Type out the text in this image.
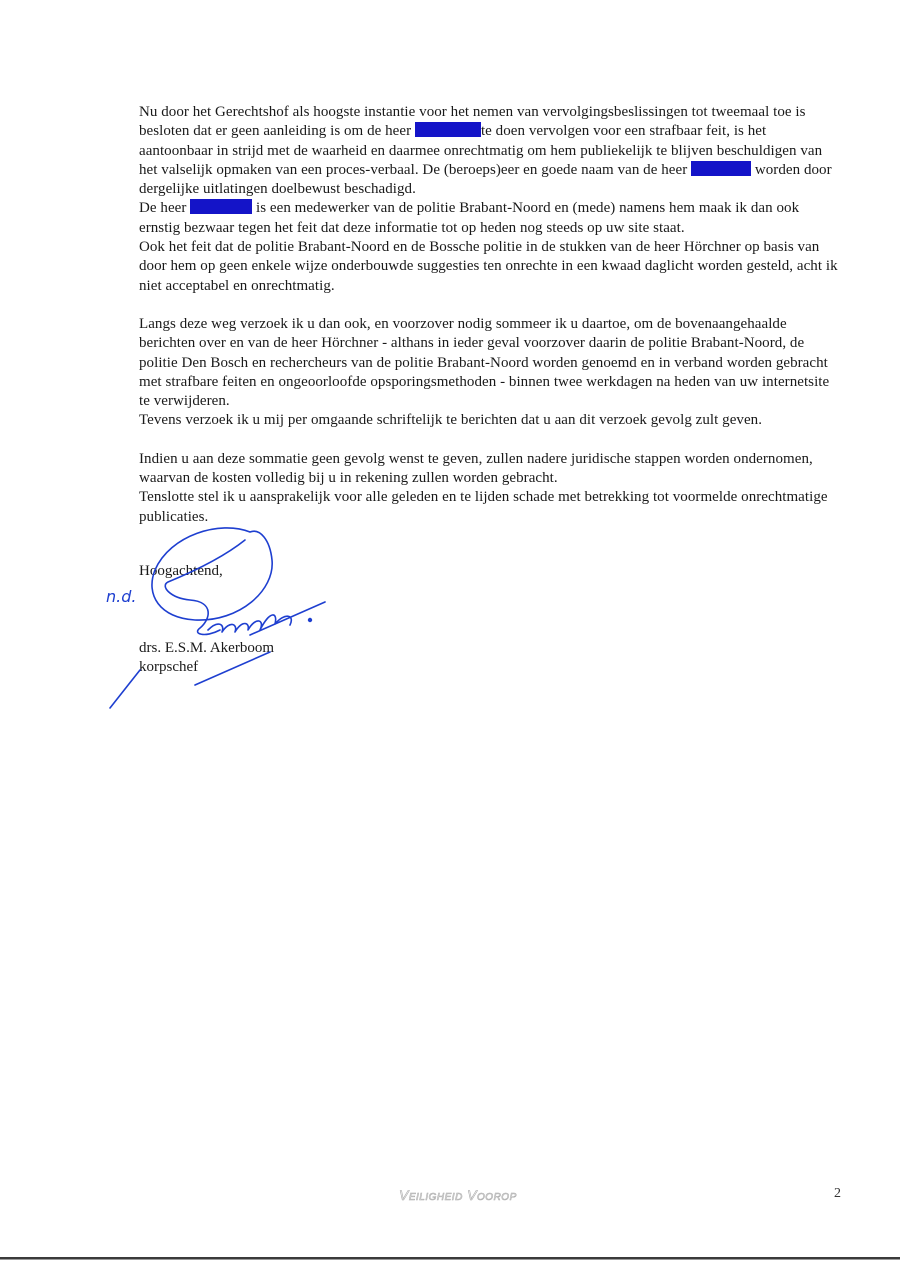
Nu door het Gerechtshof als hoogste instantie voor het nemen van vervolgingsbeslissingen tot tweemaal toe is besloten dat er geen aanleiding is om de heer	te doen vervolgen voor een strafbaar feit, is het aantoonbaar in strijd met de waarheid en daarmee onrechtmatig om hem publiekelijk te blijven beschuldigen van het valselijk opmaken van een proces-verbaal. De (beroeps)eer en goede naam van de heer	worden door dergelijke uitlatingen doelbewust beschadigd.

De heer	is een medewerker van de politie Brabant-Noord en (mede) namens hem maak ik dan ook ernstig bezwaar tegen het feit dat deze informatie tot op heden nog steeds op uw site staat.

Ook het feit dat de politie Brabant-Noord en de Bossche politie in de stukken van de heer Hörchner op basis van door hem op geen enkele wijze onderbouwde suggesties ten onrechte in een kwaad daglicht worden gesteld, acht ik niet acceptabel en onrechtmatig.

Langs deze weg verzoek ik u dan ook, en voorzover nodig sommeer ik u daartoe, om de bovenaangehaalde berichten over en van de heer Hörchner - althans in ieder geval voorzover daarin de politie Brabant-Noord, de politie Den Bosch en rechercheurs van de politie Brabant-Noord worden genoemd en in verband worden gebracht met strafbare feiten en ongeoorloofde opsporingsmethoden - binnen twee werkdagen na heden van uw internetsite te verwijderen.

Tevens verzoek ik u mij per omgaande schriftelijk te berichten dat u aan dit verzoek gevolg zult geven.

Indien u aan deze sommatie geen gevolg wenst te geven, zullen nadere juridische stappen worden ondernomen, waarvan de kosten volledig bij u in rekening zullen worden gebracht.

Tenslotte stel ik u aansprakelijk voor alle geleden en te lijden schade met betrekking tot voormelde onrechtmatige publicaties.

Hoogachtend,
drs. E.S.M. Akerboom
korpschef
n.d.
Veiligheid Voorop	2
